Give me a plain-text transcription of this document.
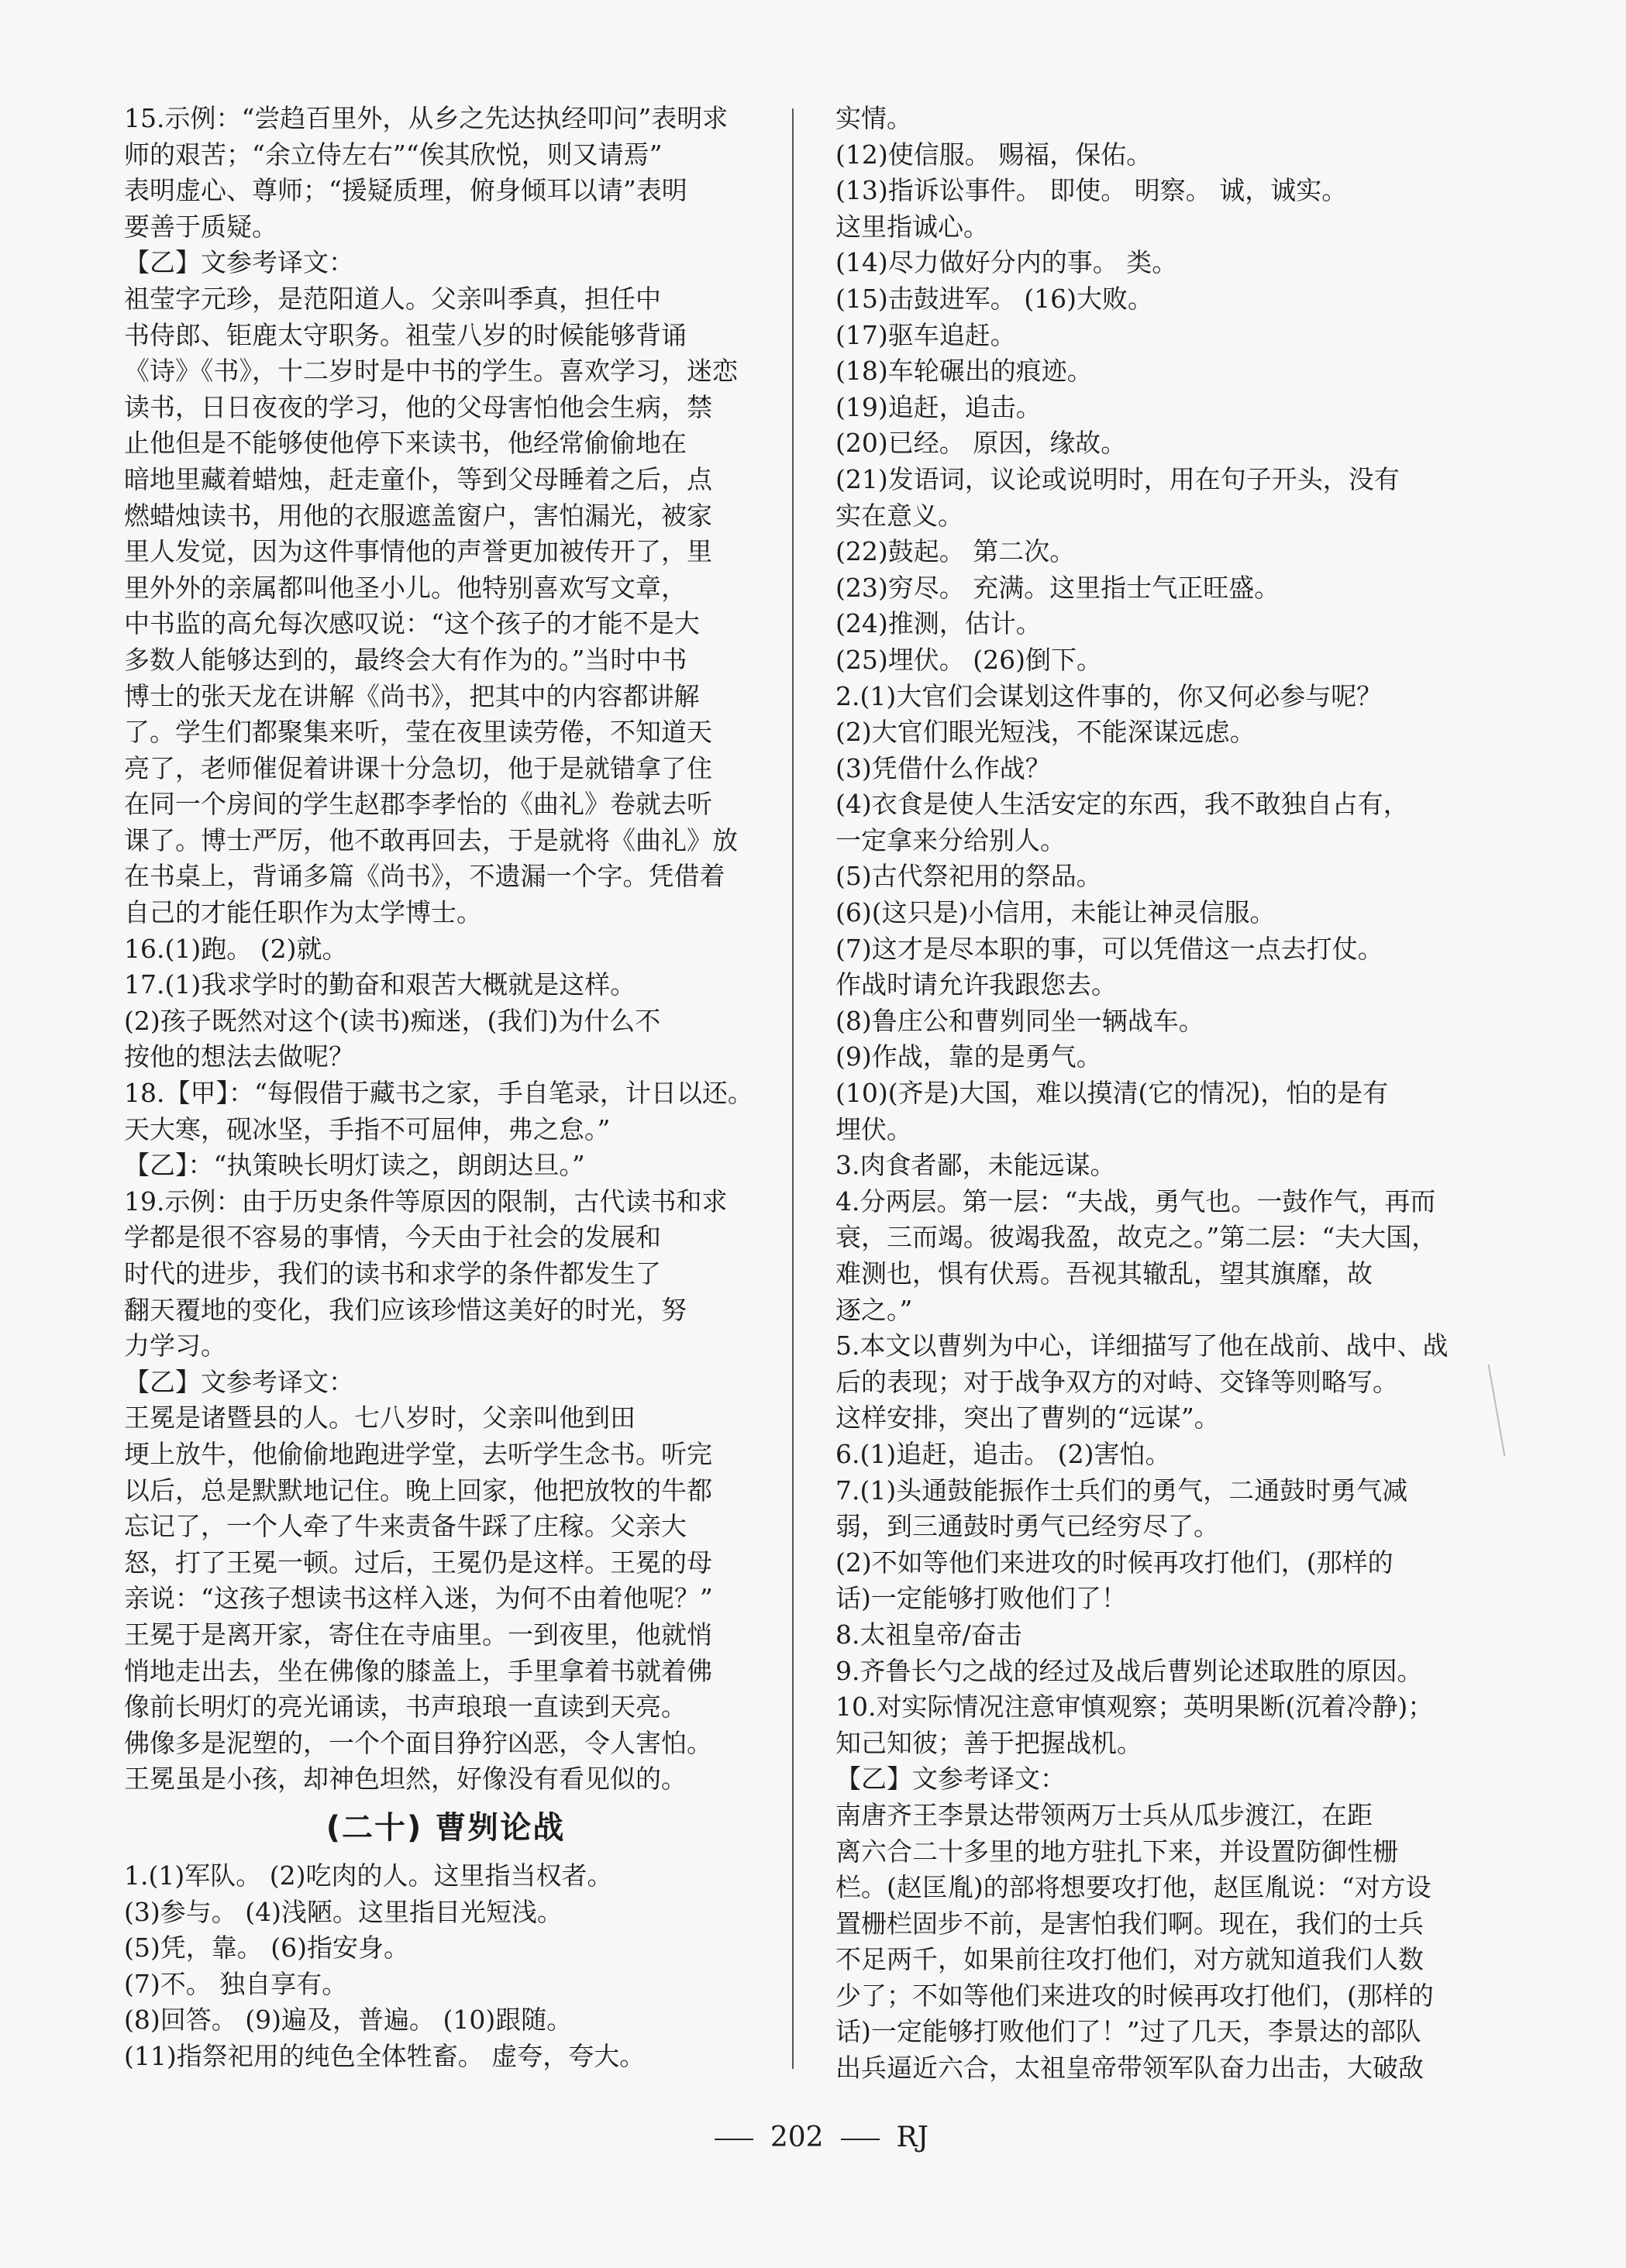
15.示例：“尝趋百里外，从乡之先达执经叩问”表明求
师的艰苦；“余立侍左右”“俟其欣悦，则又请焉”
表明虚心、尊师；“援疑质理，俯身倾耳以请”表明
要善于质疑。
【乙】文参考译文：
祖莹字元珍，是范阳道人。父亲叫季真，担任中
书侍郎、钜鹿太守职务。祖莹八岁的时候能够背诵
《诗》《书》，十二岁时是中书的学生。喜欢学习，迷恋
读书，日日夜夜的学习，他的父母害怕他会生病，禁
止他但是不能够使他停下来读书，他经常偷偷地在
暗地里藏着蜡烛，赶走童仆，等到父母睡着之后，点
燃蜡烛读书，用他的衣服遮盖窗户，害怕漏光，被家
里人发觉，因为这件事情他的声誉更加被传开了，里
里外外的亲属都叫他圣小儿。他特别喜欢写文章，
中书监的高允每次感叹说：“这个孩子的才能不是大
多数人能够达到的，最终会大有作为的。”当时中书
博士的张天龙在讲解《尚书》，把其中的内容都讲解
了。学生们都聚集来听，莹在夜里读劳倦，不知道天
亮了，老师催促着讲课十分急切，他于是就错拿了住
在同一个房间的学生赵郡李孝怡的《曲礼》卷就去听
课了。博士严厉，他不敢再回去，于是就将《曲礼》放
在书桌上，背诵多篇《尚书》，不遗漏一个字。凭借着
自己的才能任职作为太学博士。
16.(1)跑。 (2)就。
17.(1)我求学时的勤奋和艰苦大概就是这样。
(2)孩子既然对这个(读书)痴迷，(我们)为什么不
按他的想法去做呢？
18.【甲】：“每假借于藏书之家，手自笔录，计日以还。
天大寒，砚冰坚，手指不可屈伸，弗之怠。”
【乙】：“执策映长明灯读之，朗朗达旦。”
19.示例：由于历史条件等原因的限制，古代读书和求
学都是很不容易的事情，今天由于社会的发展和
时代的进步，我们的读书和求学的条件都发生了
翻天覆地的变化，我们应该珍惜这美好的时光，努
力学习。
【乙】文参考译文：
王冕是诸暨县的人。七八岁时，父亲叫他到田
埂上放牛，他偷偷地跑进学堂，去听学生念书。听完
以后，总是默默地记住。晚上回家，他把放牧的牛都
忘记了，一个人牵了牛来责备牛踩了庄稼。父亲大
怒，打了王冕一顿。过后，王冕仍是这样。王冕的母
亲说：“这孩子想读书这样入迷，为何不由着他呢？”
王冕于是离开家，寄住在寺庙里。一到夜里，他就悄
悄地走出去，坐在佛像的膝盖上，手里拿着书就着佛
像前长明灯的亮光诵读，书声琅琅一直读到天亮。
佛像多是泥塑的，一个个面目狰狞凶恶，令人害怕。
王冕虽是小孩，却神色坦然，好像没有看见似的。
(二十) 曹刿论战
1.(1)军队。 (2)吃肉的人。这里指当权者。
(3)参与。 (4)浅陋。这里指目光短浅。
(5)凭，靠。 (6)指安身。
(7)不。 独自享有。
(8)回答。 (9)遍及，普遍。 (10)跟随。
(11)指祭祀用的纯色全体牲畜。 虚夸，夸大。
实情。
(12)使信服。 赐福，保佑。
(13)指诉讼事件。 即使。 明察。 诚，诚实。
这里指诚心。
(14)尽力做好分内的事。 类。
(15)击鼓进军。 (16)大败。
(17)驱车追赶。
(18)车轮碾出的痕迹。
(19)追赶，追击。
(20)已经。 原因，缘故。
(21)发语词，议论或说明时，用在句子开头，没有
实在意义。
(22)鼓起。 第二次。
(23)穷尽。 充满。这里指士气正旺盛。
(24)推测，估计。
(25)埋伏。 (26)倒下。
2.(1)大官们会谋划这件事的，你又何必参与呢？
(2)大官们眼光短浅，不能深谋远虑。
(3)凭借什么作战？
(4)衣食是使人生活安定的东西，我不敢独自占有，
一定拿来分给别人。
(5)古代祭祀用的祭品。
(6)(这只是)小信用，未能让神灵信服。
(7)这才是尽本职的事，可以凭借这一点去打仗。
作战时请允许我跟您去。
(8)鲁庄公和曹刿同坐一辆战车。
(9)作战，靠的是勇气。
(10)(齐是)大国，难以摸清(它的情况)，怕的是有
埋伏。
3.肉食者鄙，未能远谋。
4.分两层。第一层：“夫战，勇气也。一鼓作气，再而
衰，三而竭。彼竭我盈，故克之。”第二层：“夫大国，
难测也，惧有伏焉。吾视其辙乱，望其旗靡，故
逐之。”
5.本文以曹刿为中心，详细描写了他在战前、战中、战
后的表现；对于战争双方的对峙、交锋等则略写。
这样安排，突出了曹刿的“远谋”。
6.(1)追赶，追击。 (2)害怕。
7.(1)头通鼓能振作士兵们的勇气，二通鼓时勇气减
弱，到三通鼓时勇气已经穷尽了。
(2)不如等他们来进攻的时候再攻打他们，(那样的
话)一定能够打败他们了！
8.太祖皇帝/奋击
9.齐鲁长勺之战的经过及战后曹刿论述取胜的原因。
10.对实际情况注意审慎观察；英明果断(沉着冷静)；
知己知彼；善于把握战机。
【乙】文参考译文：
南唐齐王李景达带领两万士兵从瓜步渡江，在距
离六合二十多里的地方驻扎下来，并设置防御性栅
栏。(赵匡胤)的部将想要攻打他，赵匡胤说：“对方设
置栅栏固步不前，是害怕我们啊。现在，我们的士兵
不足两千，如果前往攻打他们，对方就知道我们人数
少了；不如等他们来进攻的时候再攻打他们，(那样的
话)一定能够打败他们了！”过了几天，李景达的部队
出兵逼近六合，太祖皇帝带领军队奋力出击，大破敌
202	RJ
